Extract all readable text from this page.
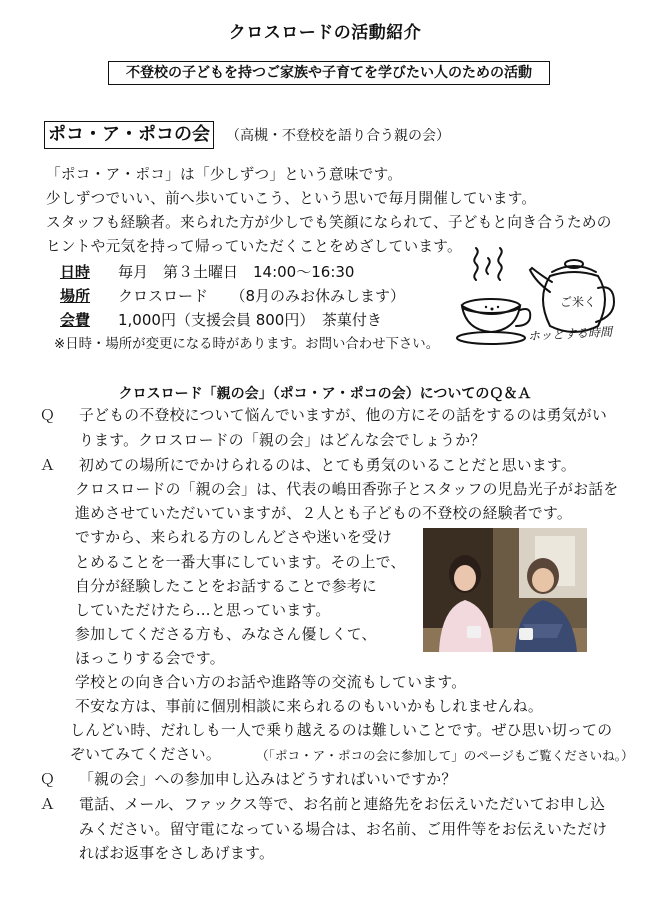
クロスロードの活動紹介
不登校の子どもを持つご家族や子育てを学びたい人のための活動
ポコ・ア・ポコの会 （高槻・不登校を語り合う親の会）
「ポコ・ア・ポコ」は「少しずつ」という意味です。
少しずつでいい、前へ歩いていこう、という思いで毎月開催しています。
スタッフも経験者。来られた方が少しでも笑顔になられて、子どもと向き合うための
ヒントや元気を持って帰っていただくことをめざしています。
日時 毎月　第３土曜日　14:00〜16:30
場所 クロスロード　　（8月のみお休みします）
会費 1,000円（支援会員 800円）　茶菓付き
※日時・場所が変更になる時があります。お問い合わせ下さい。
ご米く
ホッとする時間
クロスロード「親の会」（ポコ・ア・ポコの会）についてのＱ＆Ａ
Ｑ 子どもの不登校について悩んでいますが、他の方にその話をするのは勇気がい
ります。クロスロードの「親の会」はどんな会でしょうか？
Ａ 初めての場所にでかけられるのは、とても勇気のいることだと思います。
クロスロードの「親の会」は、代表の嶋田香弥子とスタッフの児島光子がお話を
進めさせていただいていますが、２人とも子どもの不登校の経験者です。
ですから、来られる方のしんどさや迷いを受け
とめることを一番大事にしています。その上で、
自分が経験したことをお話することで参考に
していただけたら…と思っています。
参加してくださる方も、みなさん優しくて、
ほっこりする会です。
学校との向き合い方のお話や進路等の交流もしています。
不安な方は、事前に個別相談に来られるのもいいかもしれませんね。
しんどい時、だれしも一人で乗り越えるのは難しいことです。ぜひ思い切っての
ぞいてみてください。	（「ポコ・ア・ポコの会に参加して」のページもご覧くださいね。）
Ｑ 「親の会」への参加申し込みはどうすればいいですか？
Ａ 電話、メール、ファックス等で、お名前と連絡先をお伝えいただいてお申し込
みください。留守電になっている場合は、お名前、ご用件等をお伝えいただけ
ればお返事をさしあげます。
